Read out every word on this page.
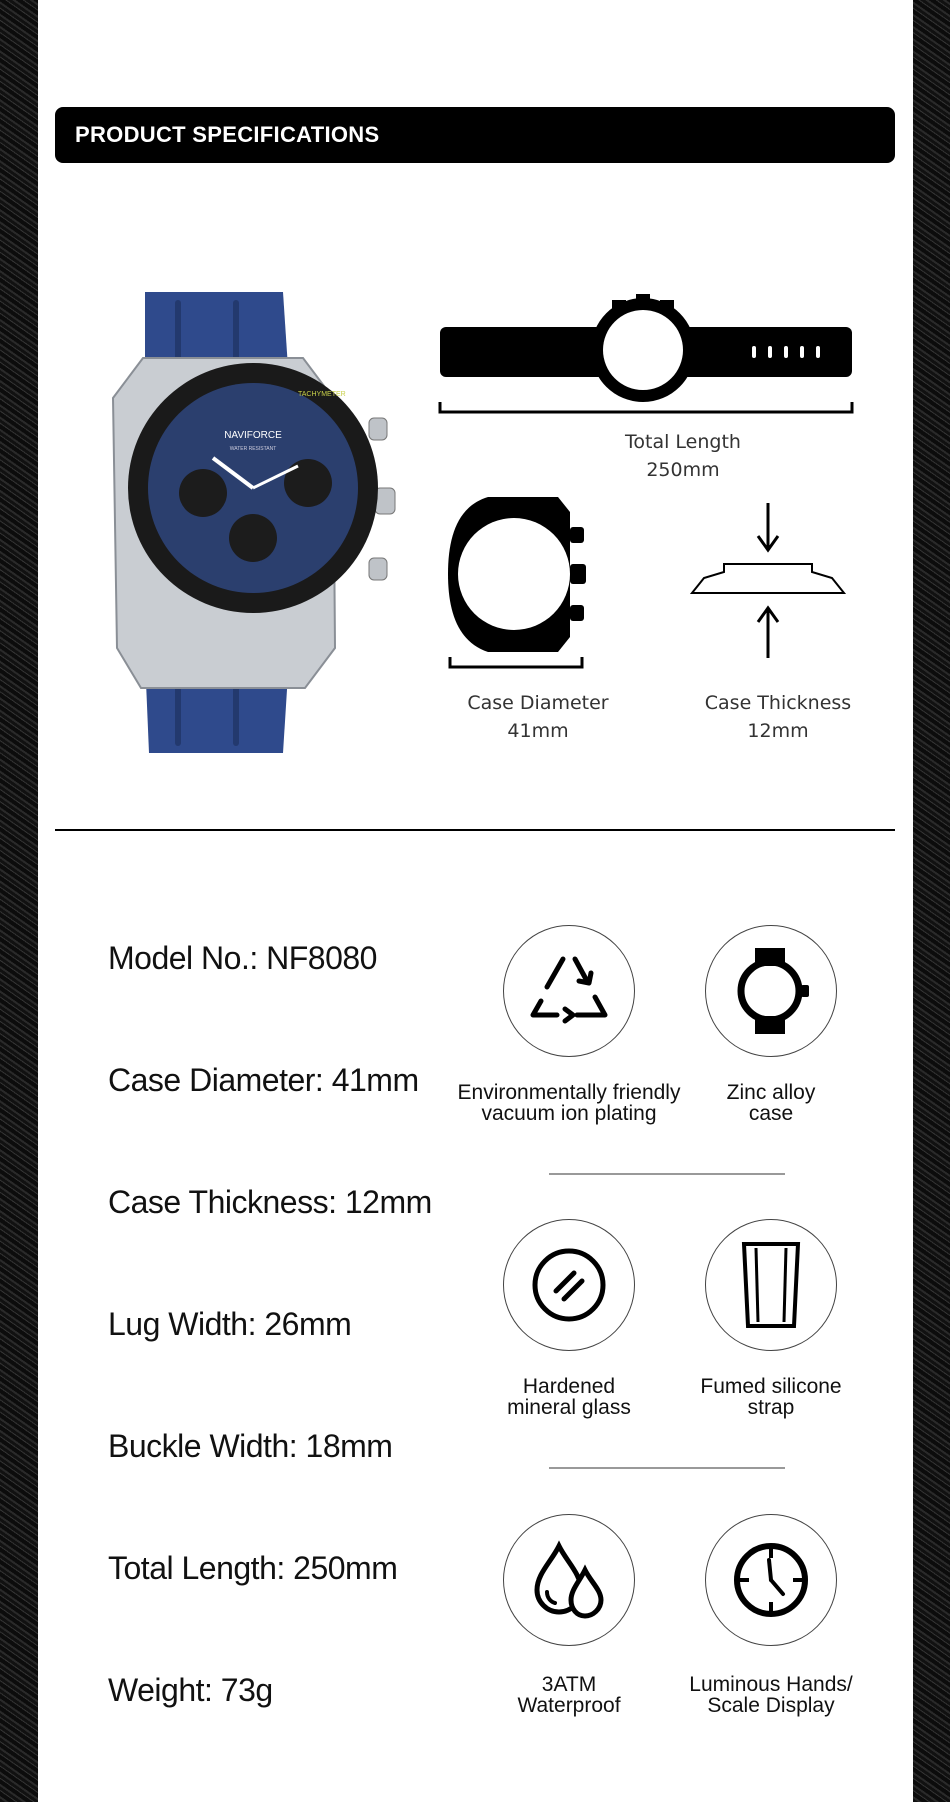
PRODUCT SPECIFICATIONS
NAVIFORCE
WATER RESISTANT
TACHYMETER
Total Length
250mm
Case Diameter
41mm
Case Thickness
12mm
Model No.: NF8080
Case Diameter: 41mm
Case Thickness: 12mm
Lug Width: 26mm
Buckle Width: 18mm
Total Length: 250mm
Weight: 73g
Environmentally friendly
vacuum ion plating
Zinc alloy
case
Hardened
mineral glass
Fumed silicone
strap
3ATM
Waterproof
Luminous Hands/
Scale Display
